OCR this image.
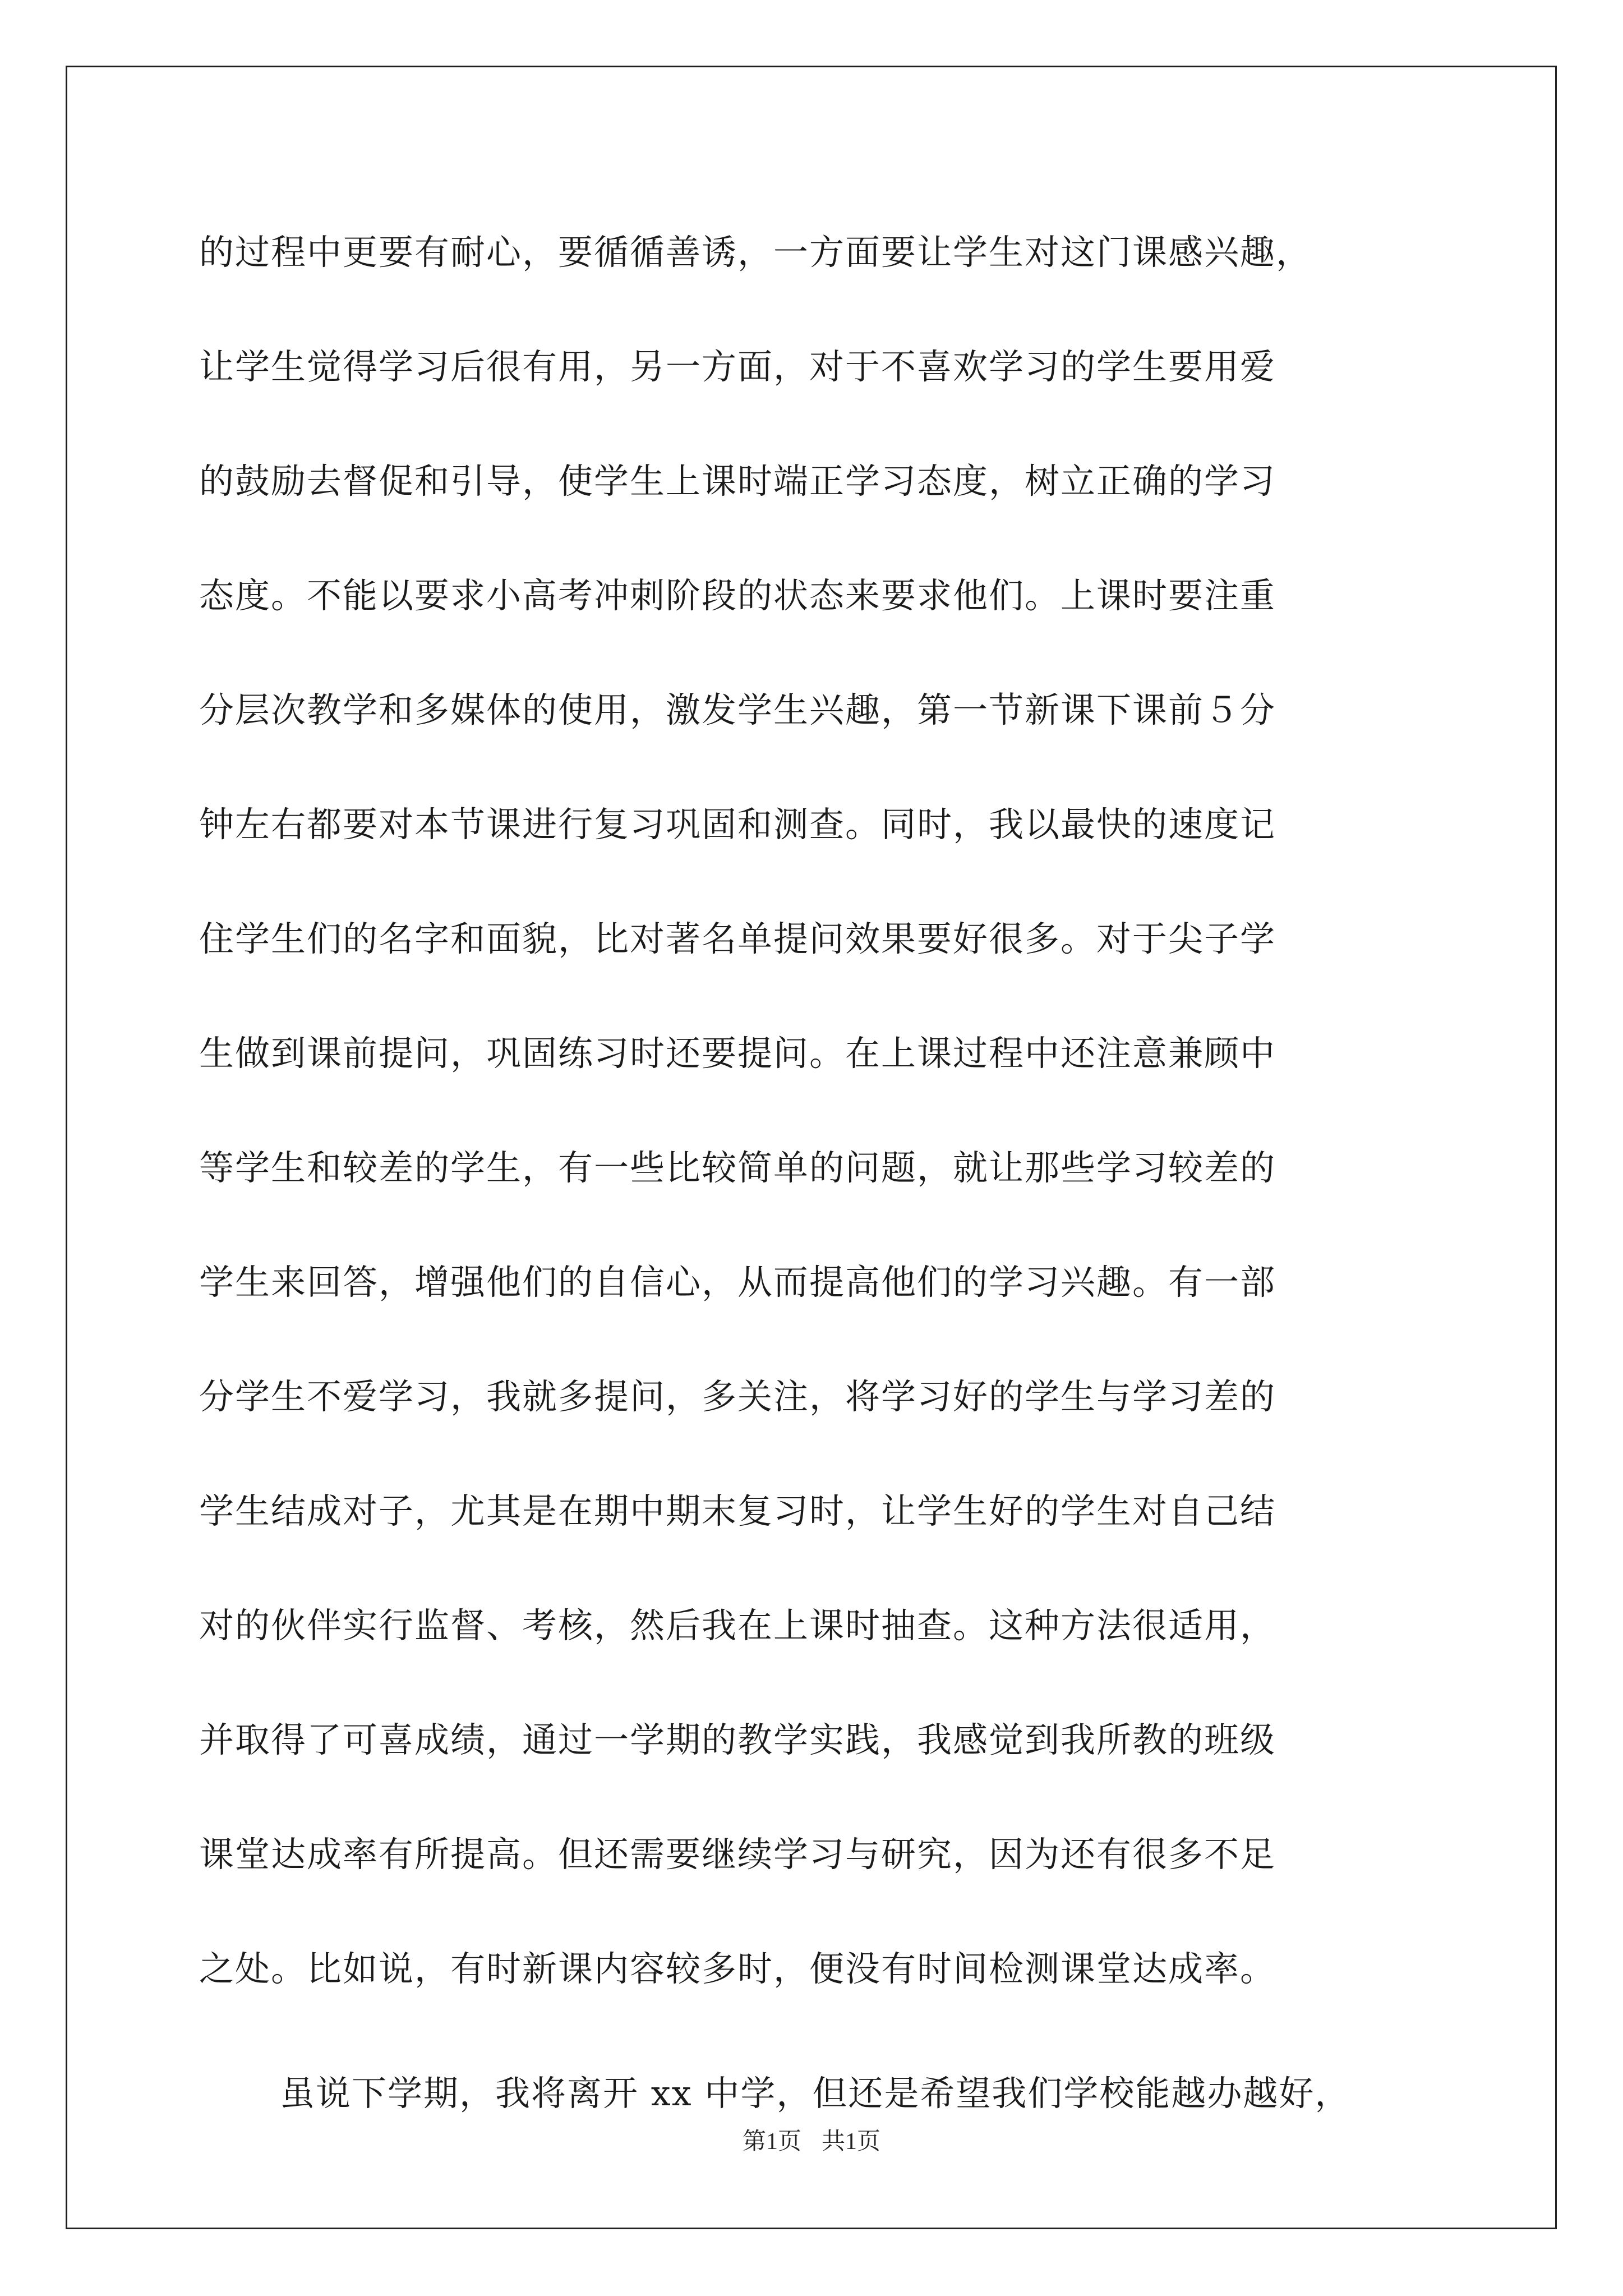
的过程中更要有耐心，要循循善诱，一方面要让学生对这门课感兴趣，
让学生觉得学习后很有用，另一方面，对于不喜欢学习的学生要用爱
的鼓励去督促和引导，使学生上课时端正学习态度，树立正确的学习
态度。不能以要求小高考冲刺阶段的状态来要求他们。上课时要注重
分层次教学和多媒体的使用，激发学生兴趣，第一节新课下课前５分
钟左右都要对本节课进行复习巩固和测查。同时，我以最快的速度记
住学生们的名字和面貌，比对著名单提问效果要好很多。对于尖子学
生做到课前提问，巩固练习时还要提问。在上课过程中还注意兼顾中
等学生和较差的学生，有一些比较简单的问题，就让那些学习较差的
学生来回答，增强他们的自信心，从而提高他们的学习兴趣。有一部
分学生不爱学习，我就多提问，多关注，将学习好的学生与学习差的
学生结成对子，尤其是在期中期末复习时，让学生好的学生对自己结
对的伙伴实行监督、考核，然后我在上课时抽查。这种方法很适用，
并取得了可喜成绩，通过一学期的教学实践，我感觉到我所教的班级
课堂达成率有所提高。但还需要继续学习与研究，因为还有很多不足
之处。比如说，有时新课内容较多时，便没有时间检测课堂达成率。
虽说下学期，我将离开 xx 中学，但还是希望我们学校能越办越好，
第1页 共1页
